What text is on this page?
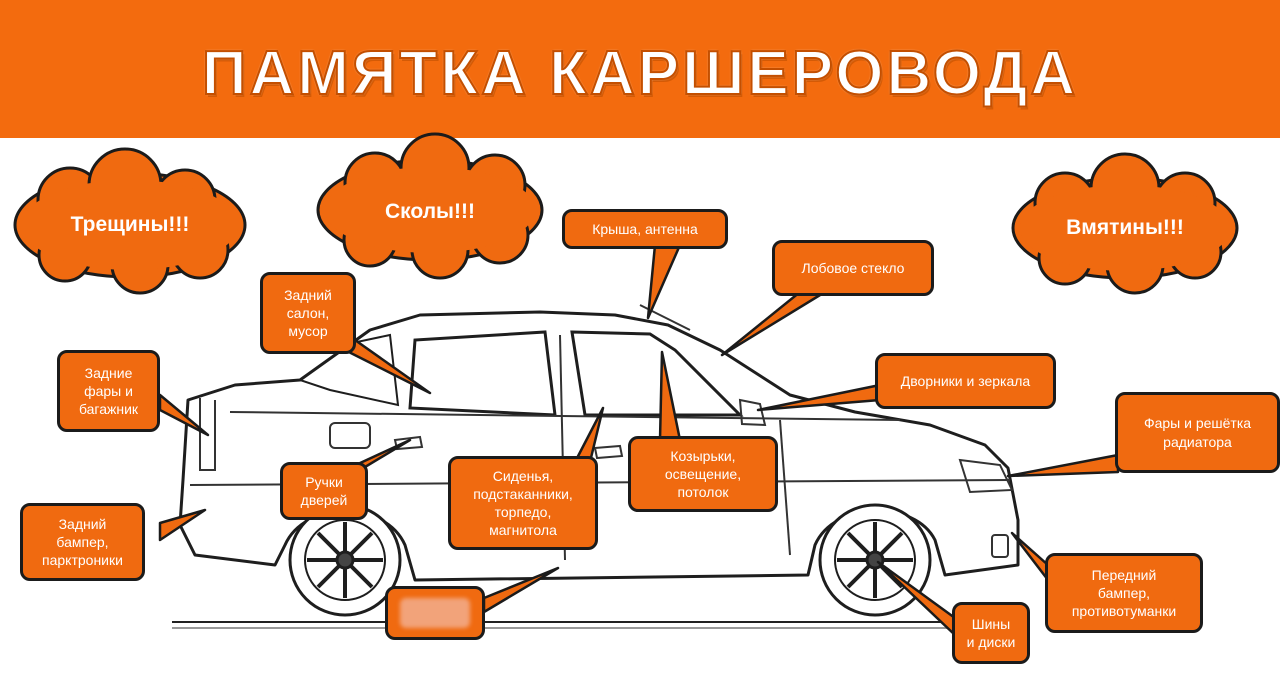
ПАМЯТКА КАРШЕРОВОДА
Трещины!!!
Сколы!!!
Вмятины!!!
Крыша, антенна
Лобовое стекло
Задний
салон,
мусор
Задние
фары и
багажник
Дворники и зеркала
Фары и решётка
радиатора
Ручки
дверей
Сиденья,
подстаканники,
торпедо,
магнитола
Козырьки,
освещение,
потолок
Задний
бампер,
парктроники
Передний
бампер,
противотуманки
Шины
и диски
